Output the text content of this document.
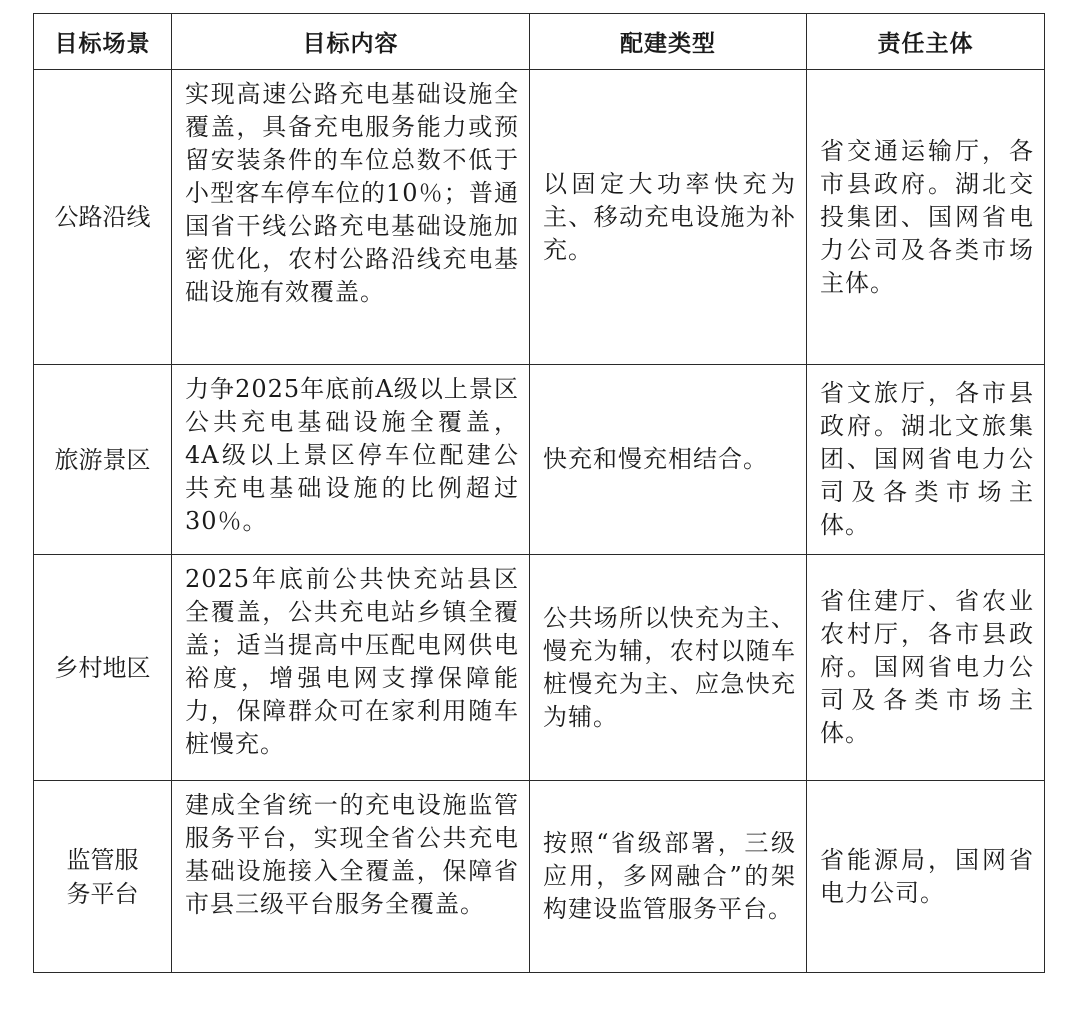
目标场景	目标内容	配建类型	责任主体
公路沿线	实现高速公路充电基础设施全覆盖，具备充电服务能力或预留安装条件的车位总数不低于小型客车停车位的10％；普通国省干线公路充电基础设施加密优化，农村公路沿线充电基础设施有效覆盖。	以固定大功率快充为主、移动充电设施为补充。	省交通运输厅，各市县政府。湖北交投集团、国网省电力公司及各类市场主体。
旅游景区	力争2025年底前A级以上景区公共充电基础设施全覆盖，4A级以上景区停车位配建公共充电基础设施的比例超过30％。	快充和慢充相结合。	省文旅厅，各市县政府。湖北文旅集团、国网省电力公司及各类市场主体。
乡村地区	2025年底前公共快充站县区全覆盖，公共充电站乡镇全覆盖；适当提高中压配电网供电裕度，增强电网支撑保障能力，保障群众可在家利用随车桩慢充。	公共场所以快充为主、慢充为辅，农村以随车桩慢充为主、应急快充为辅。	省住建厅、省农业农村厅，各市县政府。国网省电力公司及各类市场主体。
监管服务平台	建成全省统一的充电设施监管服务平台，实现全省公共充电基础设施接入全覆盖，保障省市县三级平台服务全覆盖。	按照“省级部署，三级应用，多网融合”的架构建设监管服务平台。	省能源局，国网省电力公司。
